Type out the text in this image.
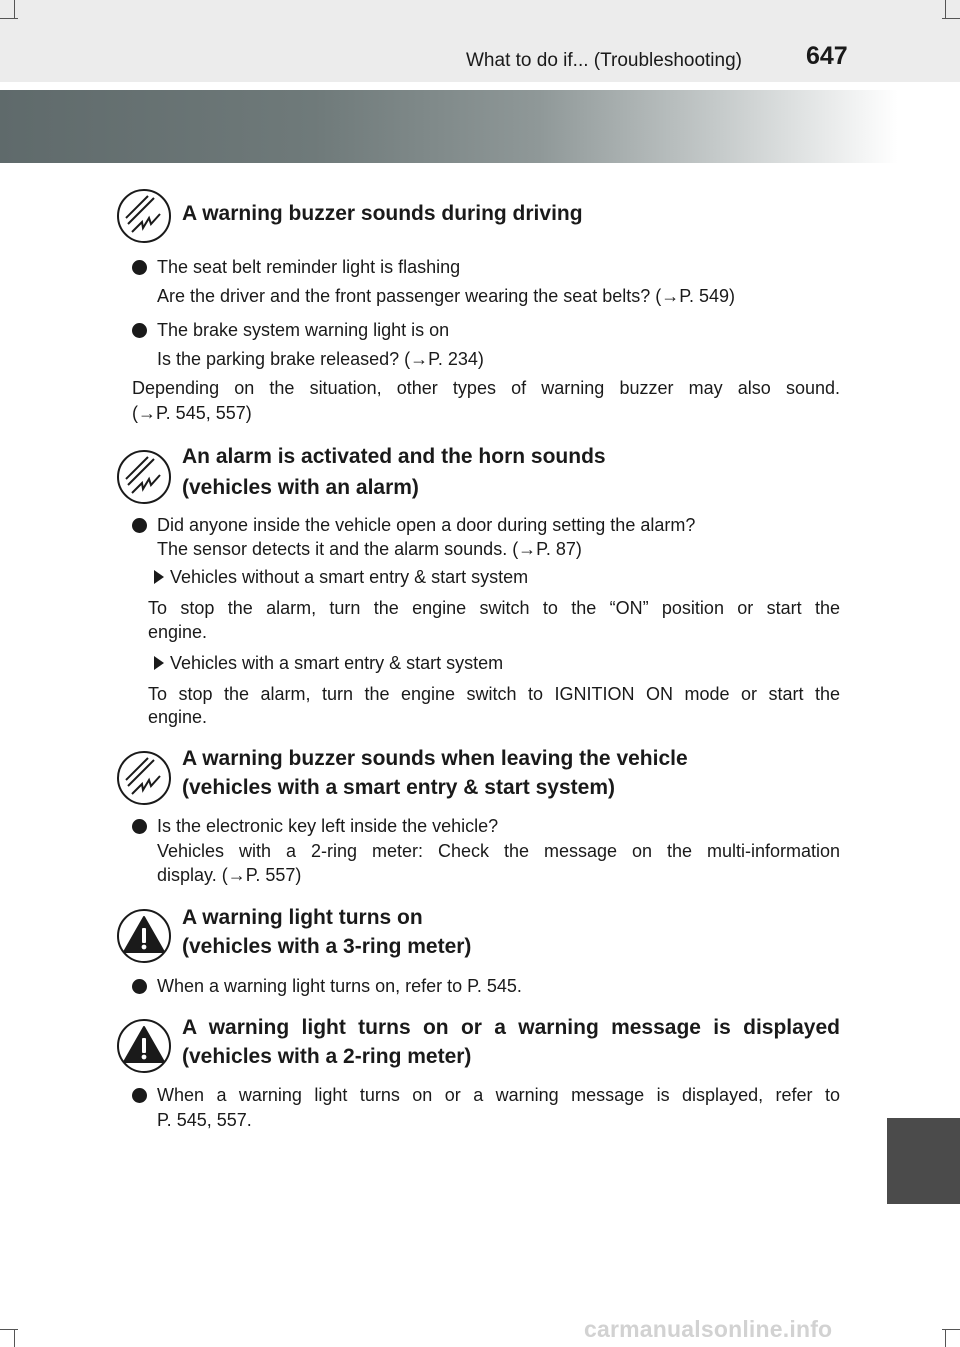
What to do if... (Troubleshooting)	647
A warning buzzer sounds during driving
The seat belt reminder light is flashing
Are the driver and the front passenger wearing the seat belts? (→P. 549)
The brake system warning light is on
Is the parking brake released? (→P. 234)
Depending on the situation, other types of warning buzzer may also sound.
(→P. 545, 557)
An alarm is activated and the horn sounds
(vehicles with an alarm)
Did anyone inside the vehicle open a door during setting the alarm?
The sensor detects it and the alarm sounds. (→P. 87)
Vehicles without a smart entry & start system
To stop the alarm, turn the engine switch to the “ON” position or start the
engine.
Vehicles with a smart entry & start system
To stop the alarm, turn the engine switch to IGNITION ON mode or start the
engine.
A warning buzzer sounds when leaving the vehicle
(vehicles with a smart entry & start system)
Is the electronic key left inside the vehicle?
Vehicles with a 2-ring meter: Check the message on the multi-information
display. (→P. 557)
A warning light turns on
(vehicles with a 3-ring meter)
When a warning light turns on, refer to P. 545.
A warning light turns on or a warning message is displayed
(vehicles with a 2-ring meter)
When a warning light turns on or a warning message is displayed, refer to
P. 545, 557.
carmanualsonline.info
